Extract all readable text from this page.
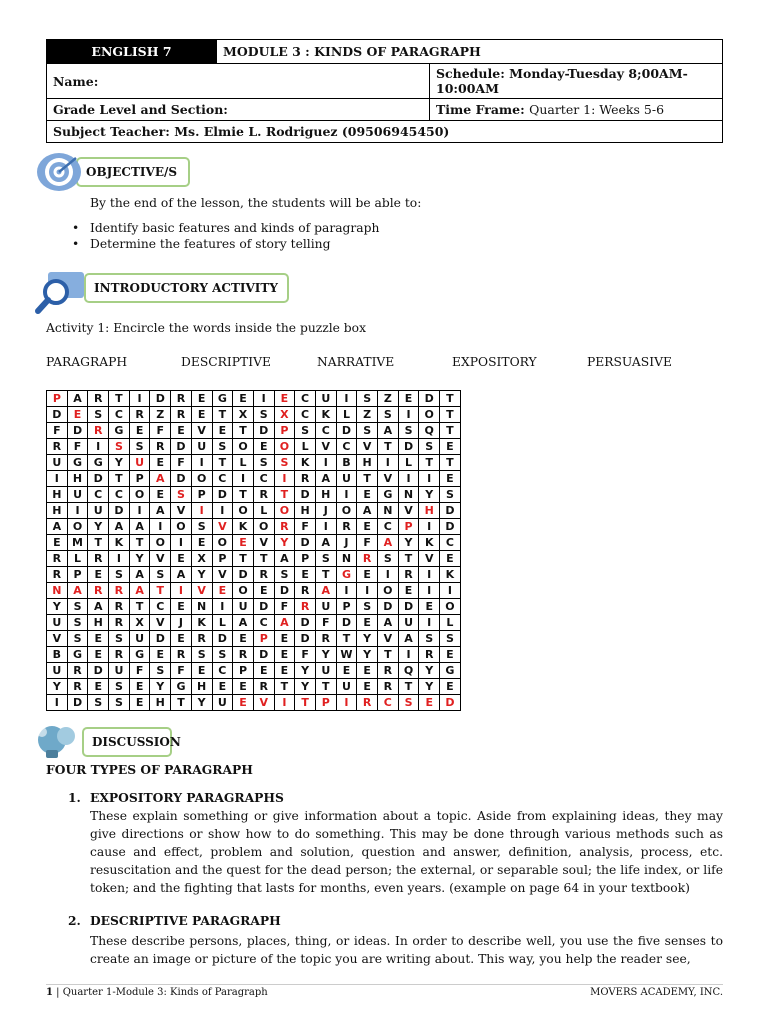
ENGLISH 7	MODULE 3 : KINDS OF PARAGRAPH	
Name:		Schedule: Monday-Tuesday 8;00AM-10:00AM
Grade Level and Section:		Time Frame: Quarter 1: Weeks 5-6
Subject Teacher: Ms. Elmie L. Rodriguez (09506945450)		
OBJECTIVE/S
By the end of the lesson, the students will be able to:
• Identify basic features and kinds of paragraph
• Determine the features of story telling
INTRODUCTORY ACTIVITY
Activity 1: Encircle the words inside the puzzle box
PARAGRAPH	DESCRIPTIVE	NARRATIVE	EXPOSITORY	PERSUASIVE
P	A	R	T	I	D	R	E	G	E	I	E	C	U	I	S	Z	E	D	T
D	E	S	C	R	Z	R	E	T	X	S	X	C	K	L	Z	S	I	O	T
F	D	R	G	E	F	E	V	E	T	D	P	S	C	D	S	A	S	Q	T
R	F	I	S	S	R	D	U	S	O	E	O	L	V	C	V	T	D	S	E
U	G	G	Y	U	E	F	I	T	L	S	S	K	I	B	H	I	L	T	T
I	H	D	T	P	A	D	O	C	I	C	I	R	A	U	T	V	I	I	E
H	U	C	C	O	E	S	P	D	T	R	T	D	H	I	E	G	N	Y	S
H	I	U	D	I	A	V	I	I	O	L	O	H	J	O	A	N	V	H	D
A	O	Y	A	A	I	O	S	V	K	O	R	F	I	R	E	C	P	I	D
E	M	T	K	T	O	I	E	O	E	V	Y	D	A	J	F	A	Y	K	C
R	L	R	I	Y	V	E	X	P	T	T	A	P	S	N	R	S	T	V	E
R	P	E	S	A	S	A	Y	V	D	R	S	E	T	G	E	I	R	I	K
N	A	R	R	A	T	I	V	E	O	E	D	R	A	I	I	O	E	I	I
Y	S	A	R	T	C	E	N	I	U	D	F	R	U	P	S	D	D	E	O
U	S	H	R	X	V	J	K	L	A	C	A	D	F	D	E	A	U	I	L
V	S	E	S	U	D	E	R	D	E	P	E	D	R	T	Y	V	A	S	S
B	G	E	R	G	E	R	S	S	R	D	E	F	Y	W	Y	T	I	R	E
U	R	D	U	F	S	F	E	C	P	E	E	Y	U	E	E	R	Q	Y	G
Y	R	E	S	E	Y	G	H	E	E	R	T	Y	T	U	E	R	T	Y	E
I	D	S	S	E	H	T	Y	U	E	V	I	T	P	I	R	C	S	E	D
DISCUSSION
FOUR TYPES OF PARAGRAPH
1. EXPOSITORY PARAGRAPHS
These explain something or give information about a topic. Aside from explaining ideas, they may give directions or show how to do something. This may be done through various methods such as cause and effect, problem and solution, question and answer, definition, analysis, process, etc. resuscitation and the quest for the dead person; the external, or separable soul; the life index, or life token; and the fighting that lasts for months, even years. (example on page 64 in your textbook)
2. DESCRIPTIVE PARAGRAPH
These describe persons, places, thing, or ideas. In order to describe well, you use the five senses to create an image or picture of the topic you are writing about. This way, you help the reader see,
1 | Quarter 1-Module 3: Kinds of Paragraph	MOVERS ACADEMY, INC.
